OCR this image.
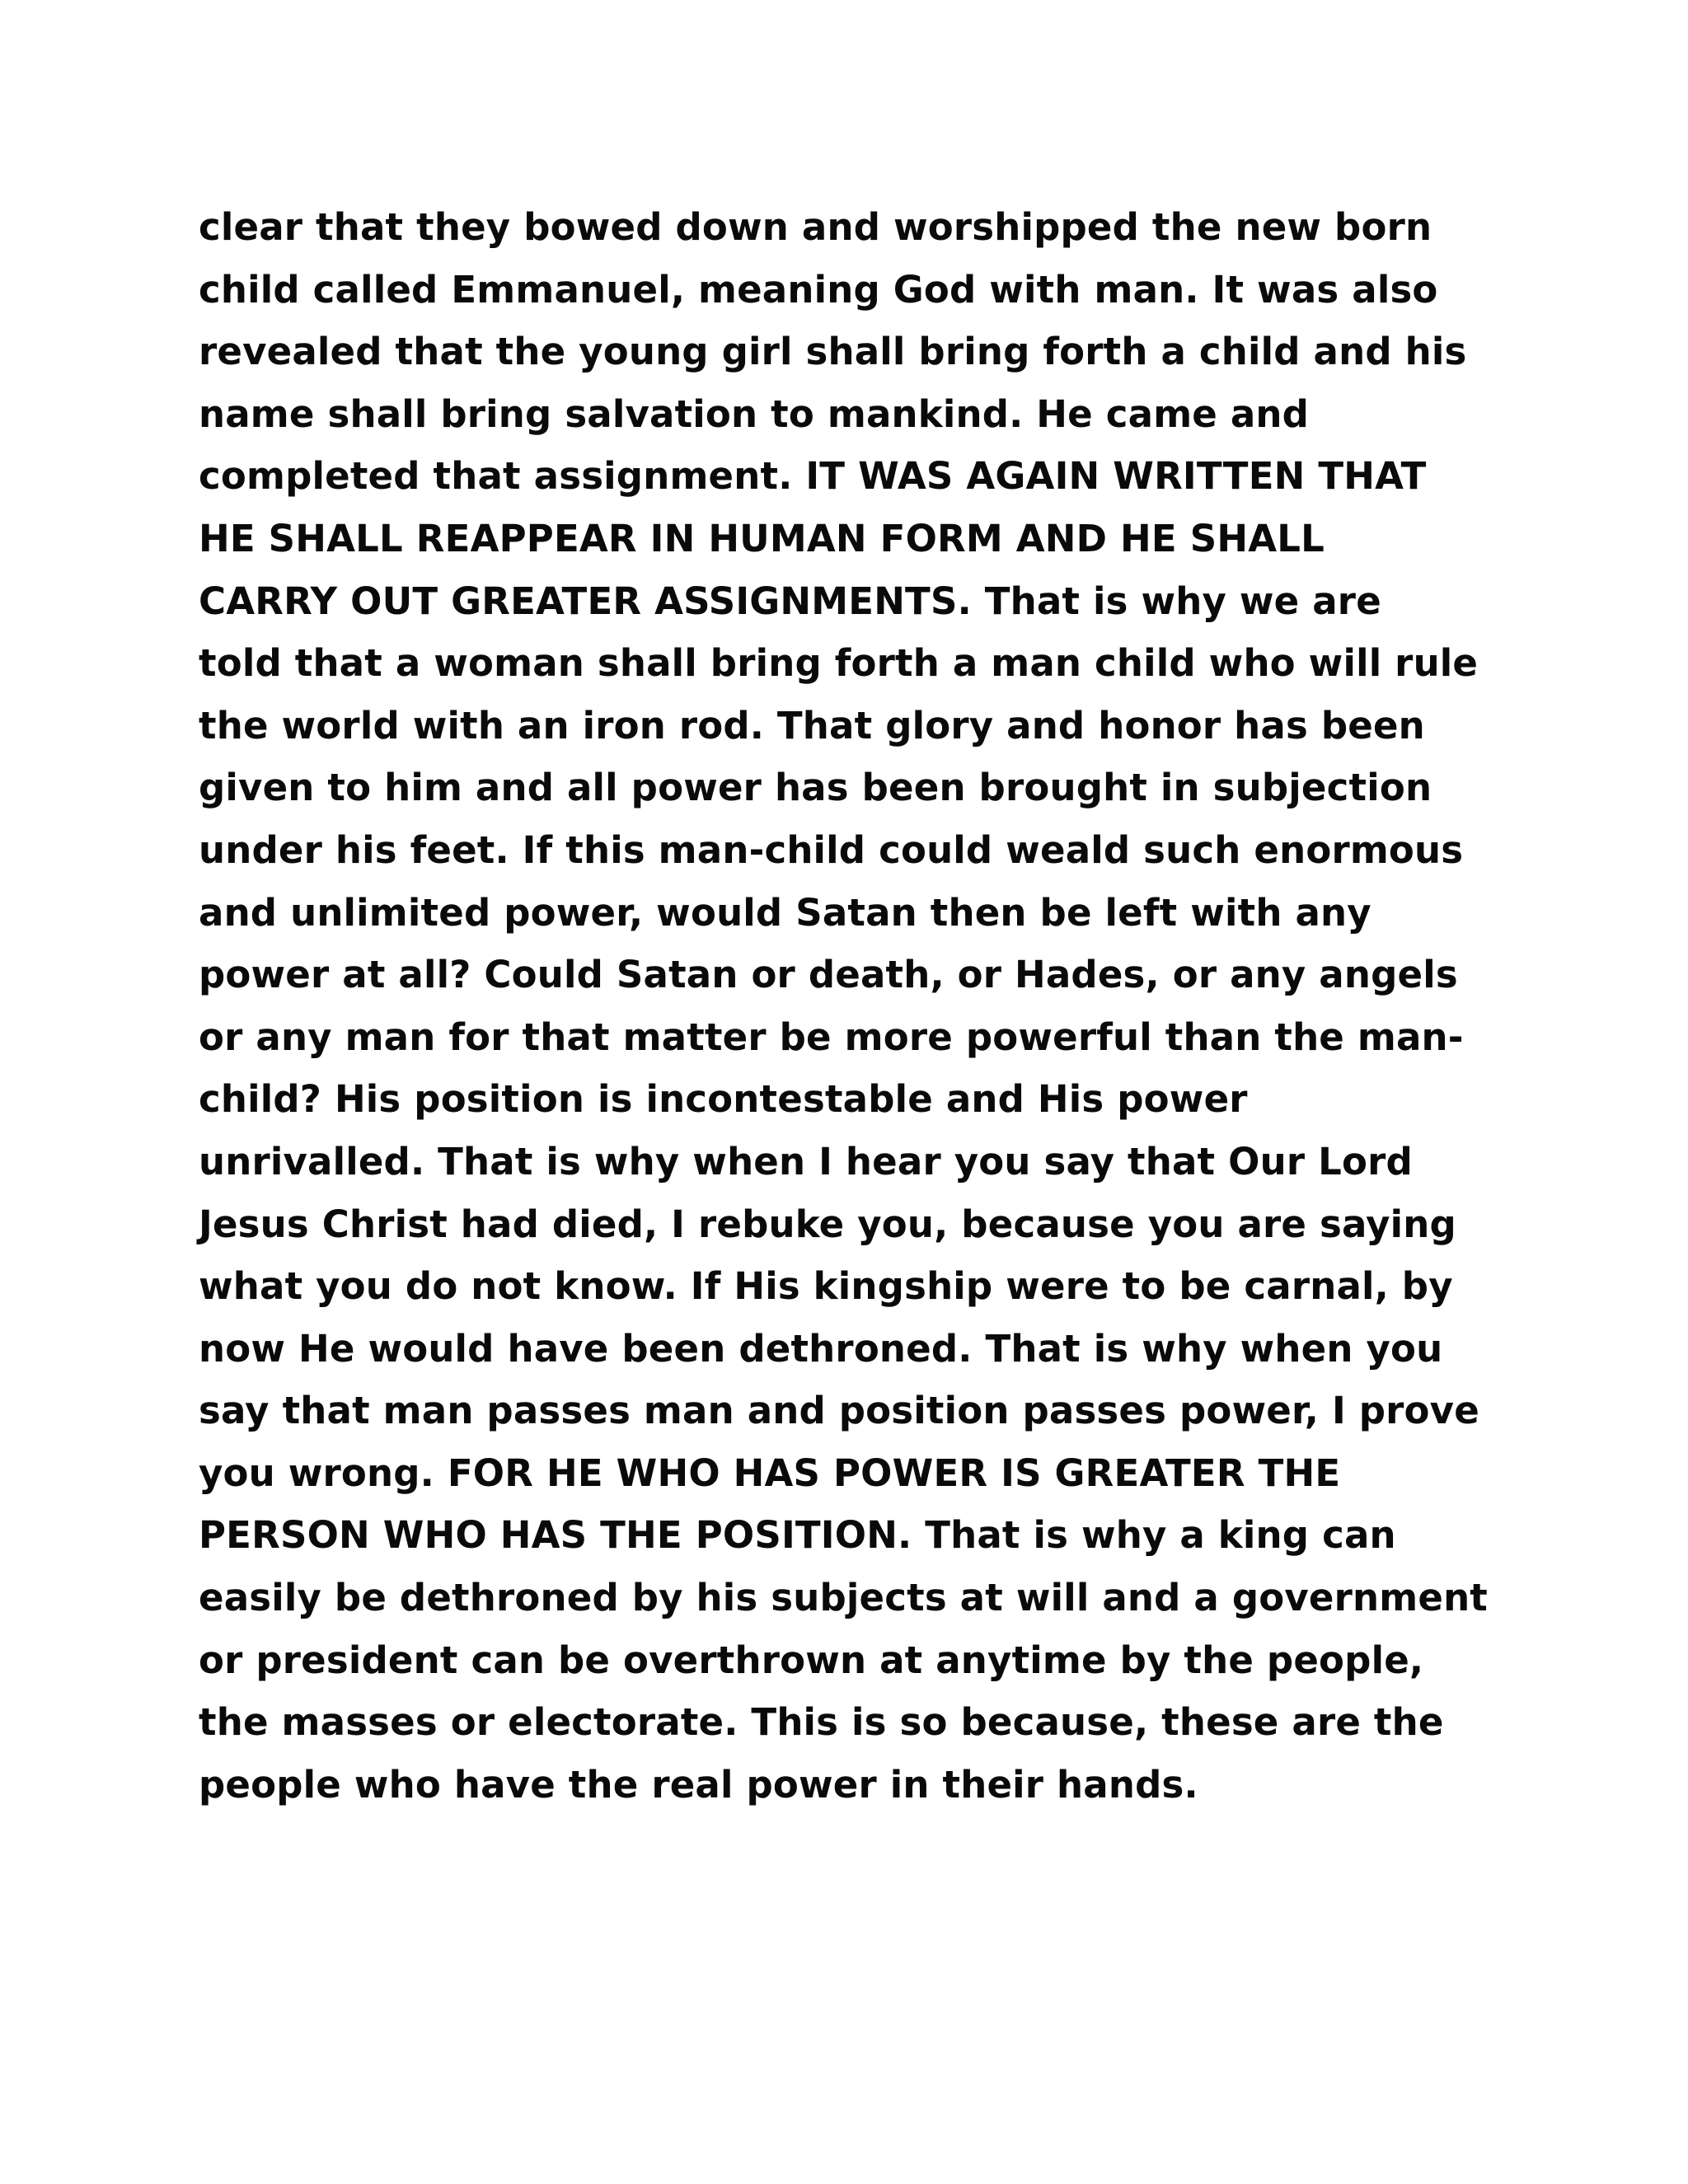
clear that they bowed down and worshipped the new born
child called Emmanuel, meaning God with man. It was also
revealed that the young girl shall bring forth a child and his
name shall bring salvation to mankind. He came and
completed that assignment. IT WAS AGAIN WRITTEN THAT
HE SHALL REAPPEAR IN HUMAN FORM AND HE SHALL
CARRY OUT GREATER ASSIGNMENTS. That is why we are
told that a woman shall bring forth a man child who will rule
the world with an iron rod. That glory and honor has been
given to him and all power has been brought in subjection
under his feet. If this man-child could weald such enormous
and unlimited power, would Satan then be left with any
power at all? Could Satan or death, or Hades, or any angels
or any man for that matter be more powerful than the man-
child? His position is incontestable and His power
unrivalled. That is why when I hear you say that Our Lord
Jesus Christ had died, I rebuke you, because you are saying
what you do not know. If His kingship were to be carnal, by
now He would have been dethroned. That is why when you
say that man passes man and position passes power, I prove
you wrong. FOR HE WHO HAS POWER IS GREATER THE
PERSON WHO HAS THE POSITION. That is why a king can
easily be dethroned by his subjects at will and a government
or president can be overthrown at anytime by the people,
the masses or electorate. This is so because, these are the
people who have the real power in their hands.
